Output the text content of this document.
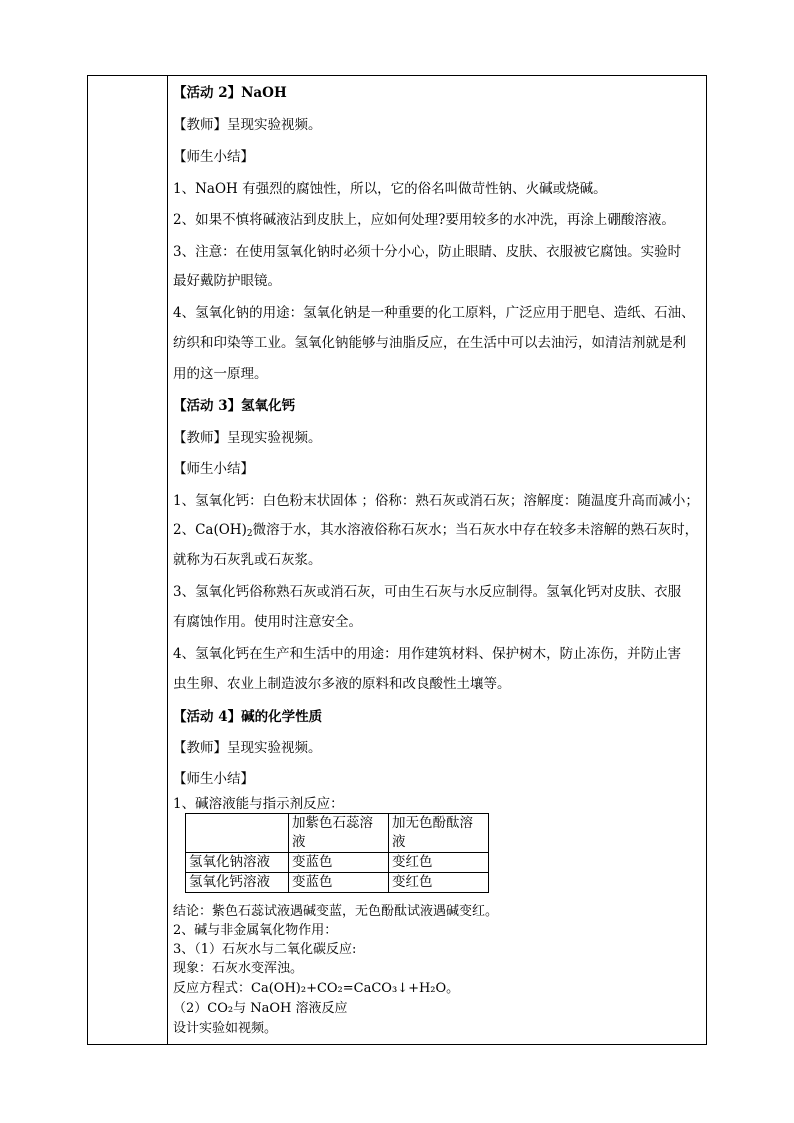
【活动 2】NaOH
【教师】呈现实验视频。
【师生小结】
1、NaOH 有强烈的腐蚀性，所以，它的俗名叫做苛性钠、火碱或烧碱。
2、如果不慎将碱液沾到皮肤上，应如何处理?要用较多的水冲洗，再涂上硼酸溶液。
3、注意：在使用氢氧化钠时必须十分小心，防止眼睛、皮肤、衣服被它腐蚀。实验时
最好戴防护眼镜。
4、氢氧化钠的用途：氢氧化钠是一种重要的化工原料，广泛应用于肥皂、造纸、石油、
纺织和印染等工业。氢氧化钠能够与油脂反应，在生活中可以去油污，如清洁剂就是利
用的这一原理。
【活动 3】氢氧化钙
【教师】呈现实验视频。
【师生小结】
1、氢氧化钙：白色粉末状固体 ；俗称：熟石灰或消石灰；溶解度：随温度升高而减小；
2、$Ca(OH)_2$微溶于水，其水溶液俗称石灰水；当石灰水中存在较多未溶解的熟石灰时，
就称为石灰乳或石灰浆。
3、氢氧化钙俗称熟石灰或消石灰，可由生石灰与水反应制得。氢氧化钙对皮肤、衣服
有腐蚀作用。使用时注意安全。
4、氢氧化钙在生产和生活中的用途：用作建筑材料、保护树木，防止冻伤，并防止害
虫生卵、农业上制造波尔多液的原料和改良酸性土壤等。
【活动 4】碱的化学性质
【教师】呈现实验视频。
【师生小结】
1、碱溶液能与指示剂反应：
	加紫色石蕊溶液	加无色酚酞溶液
氢氧化钠溶液	变蓝色	变红色
氢氧化钙溶液	变蓝色	变红色
结论：紫色石蕊试液遇碱变蓝，无色酚酞试液遇碱变红。
2、碱与非金属氧化物作用：
3、（1）石灰水与二氧化碳反应:
现象：石灰水变浑浊。
反应方程式：Ca(OH)₂+CO₂=CaCO₃↓+H₂O。
（2）CO₂与 NaOH 溶液反应
设计实验如视频。
